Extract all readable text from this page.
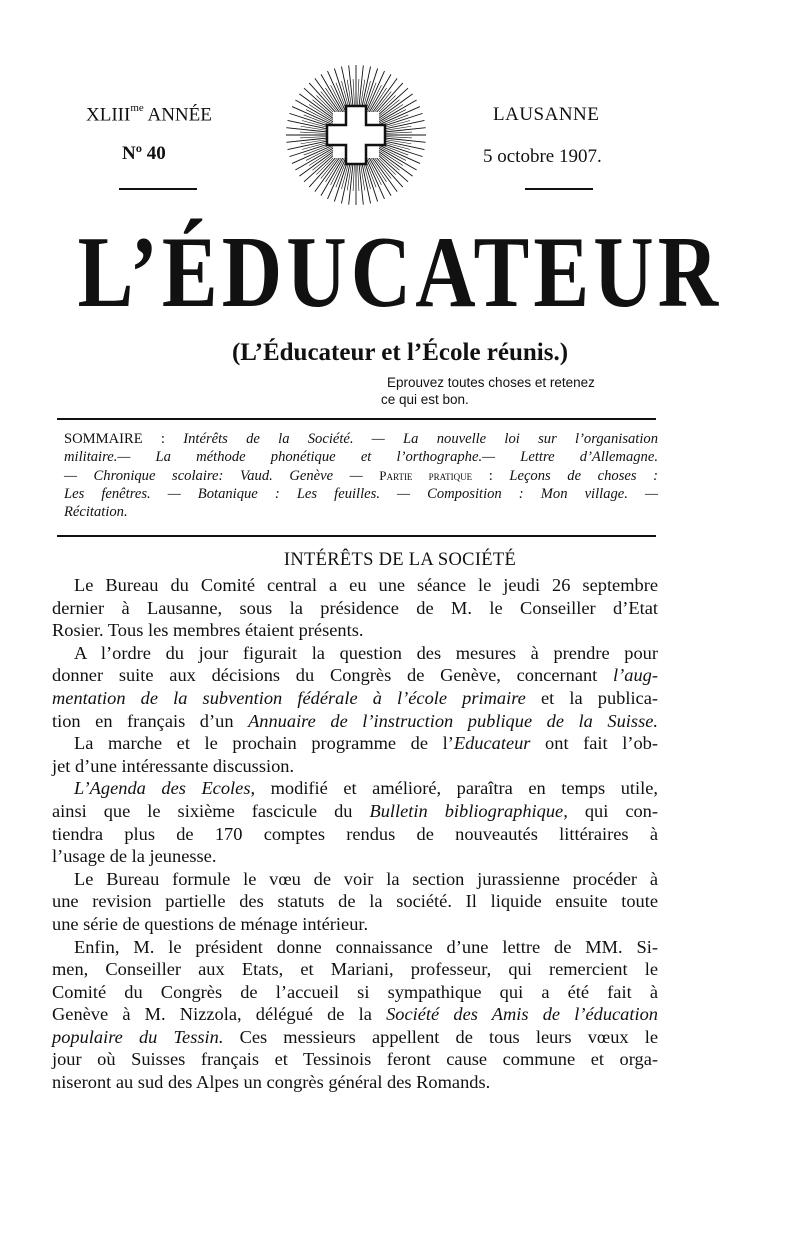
$XLIII^{me}$ ANNÉE
Nº 40
LAUSANNE
5 octobre 1907.
L’ÉDUCATEUR
(L’Éducateur et l’École réunis.)
Eprouvez toutes choses et retenez
ce qui est bon.
SOMMAIRE : Intérêts de la Société. — La nouvelle loi sur l’organisation
militaire.— La méthode phonétique et l’orthographe.— Lettre d’Allemagne.
— Chronique scolaire: Vaud. Genève — Partie pratique : Leçons de choses :
Les fenêtres. — Botanique : Les feuilles. — Composition : Mon village. —
Récitation.
INTÉRÊTS DE LA SOCIÉTÉ
Le Bureau du Comité central a eu une séance le jeudi 26 septembre
dernier à Lausanne, sous la présidence de M. le Conseiller d’Etat
Rosier. Tous les membres étaient présents.
A l’ordre du jour figurait la question des mesures à prendre pour
donner suite aux décisions du Congrès de Genève, concernant l’aug-
mentation de la subvention fédérale à l’école primaire et la publica-
tion en français d’un Annuaire de l’instruction publique de la Suisse.
La marche et le prochain programme de l’Educateur ont fait l’ob-
jet d’une intéressante discussion.
L’Agenda des Ecoles, modifié et amélioré, paraîtra en temps utile,
ainsi que le sixième fascicule du Bulletin bibliographique, qui con-
tiendra plus de 170 comptes rendus de nouveautés littéraires à
l’usage de la jeunesse.
Le Bureau formule le vœu de voir la section jurassienne procéder à
une revision partielle des statuts de la société. Il liquide ensuite toute
une série de questions de ménage intérieur.
Enfin, M. le président donne connaissance d’une lettre de MM. Si-
men, Conseiller aux Etats, et Mariani, professeur, qui remercient le
Comité du Congrès de l’accueil si sympathique qui a été fait à
Genève à M. Nizzola, délégué de la Société des Amis de l’éducation
populaire du Tessin. Ces messieurs appellent de tous leurs vœux le
jour où Suisses français et Tessinois feront cause commune et orga-
niseront au sud des Alpes un congrès général des Romands.
